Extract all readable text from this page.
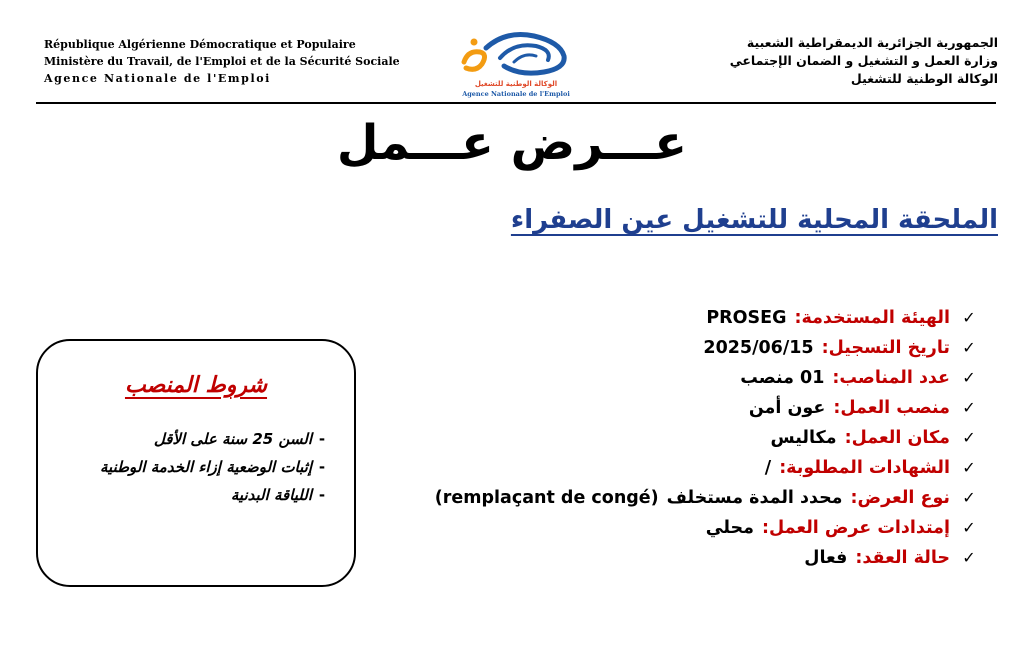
République Algérienne Démocratique et Populaire
Ministère du Travail, de l'Emploi et de la Sécurité Sociale
Agence Nationale de l'Emploi	الوكالة الوطنية للتشغيل
Agence Nationale de l'Emploi
الجمهورية الجزائرية الديمقراطية الشعبية
وزارة العمل و التشغيل و الضمان الإجتماعي
الوكالة الوطنية للتشغيل
عـــرض عـــمل
الملحقة المحلية للتشغيل عين الصفراء
✓
الهيئة المستخدمة:
PROSEG
✓
تاريخ التسجيل:
2025/06/15
✓
عدد المناصب:
01 منصب
✓
منصب العمل:
عون أمن
✓
مكان العمل:
مكاليس
✓
الشهادات المطلوبة:
/
✓
نوع العرض:
محدد المدة مستخلف
(remplaçant de congé)
✓
إمتدادات عرض العمل:
محلي
✓
حالة العقد:
فعال
شروط المنصب
-السن 25 سنة على الأقل
-إثبات الوضعية إزاء الخدمة الوطنية
-اللياقة البدنية
